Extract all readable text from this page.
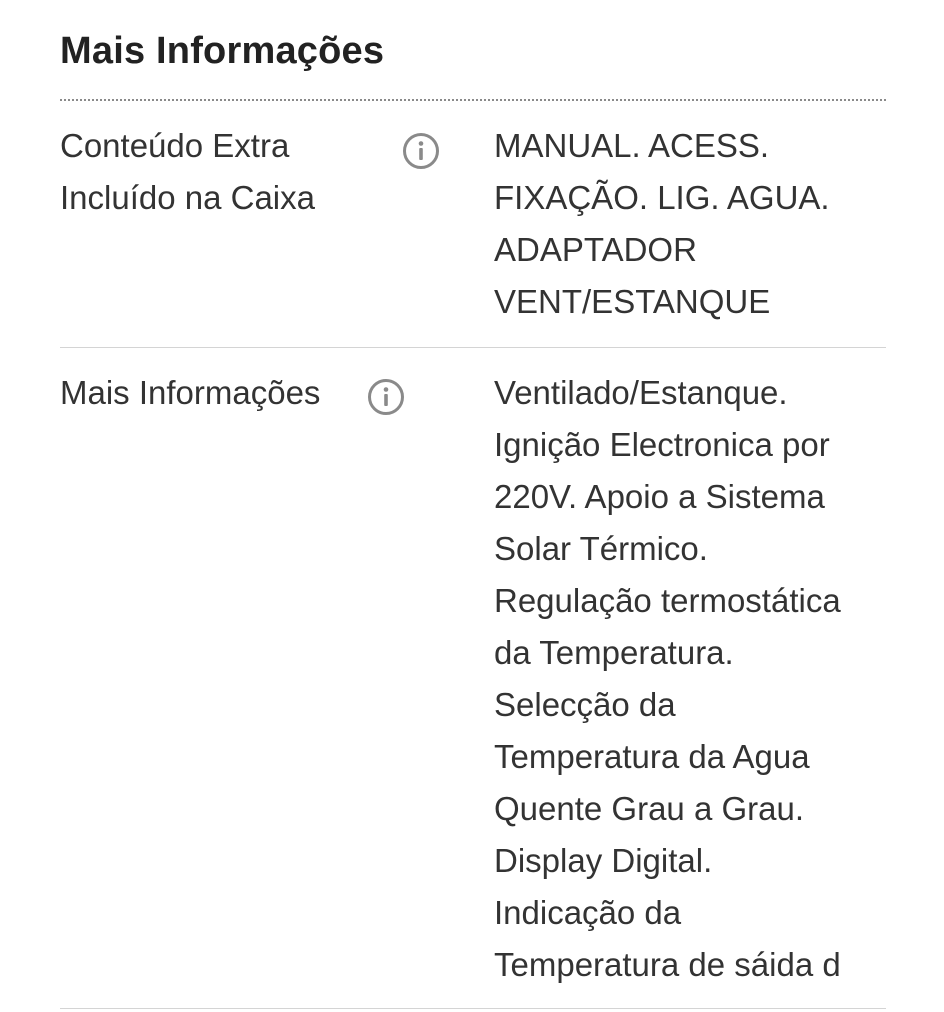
Mais Informações
Conteúdo Extra
Incluído na Caixa
MANUAL. ACESS.
FIXAÇÃO. LIG. AGUA.
ADAPTADOR
VENT/ESTANQUE
Mais Informações	Ventilado/Estanque.
Ignição Electronica por
220V. Apoio a Sistema
Solar Térmico.
Regulação termostática
da Temperatura.
Selecção da
Temperatura da Agua
Quente Grau a Grau.
Display Digital.
Indicação da
Temperatura de sáida d
